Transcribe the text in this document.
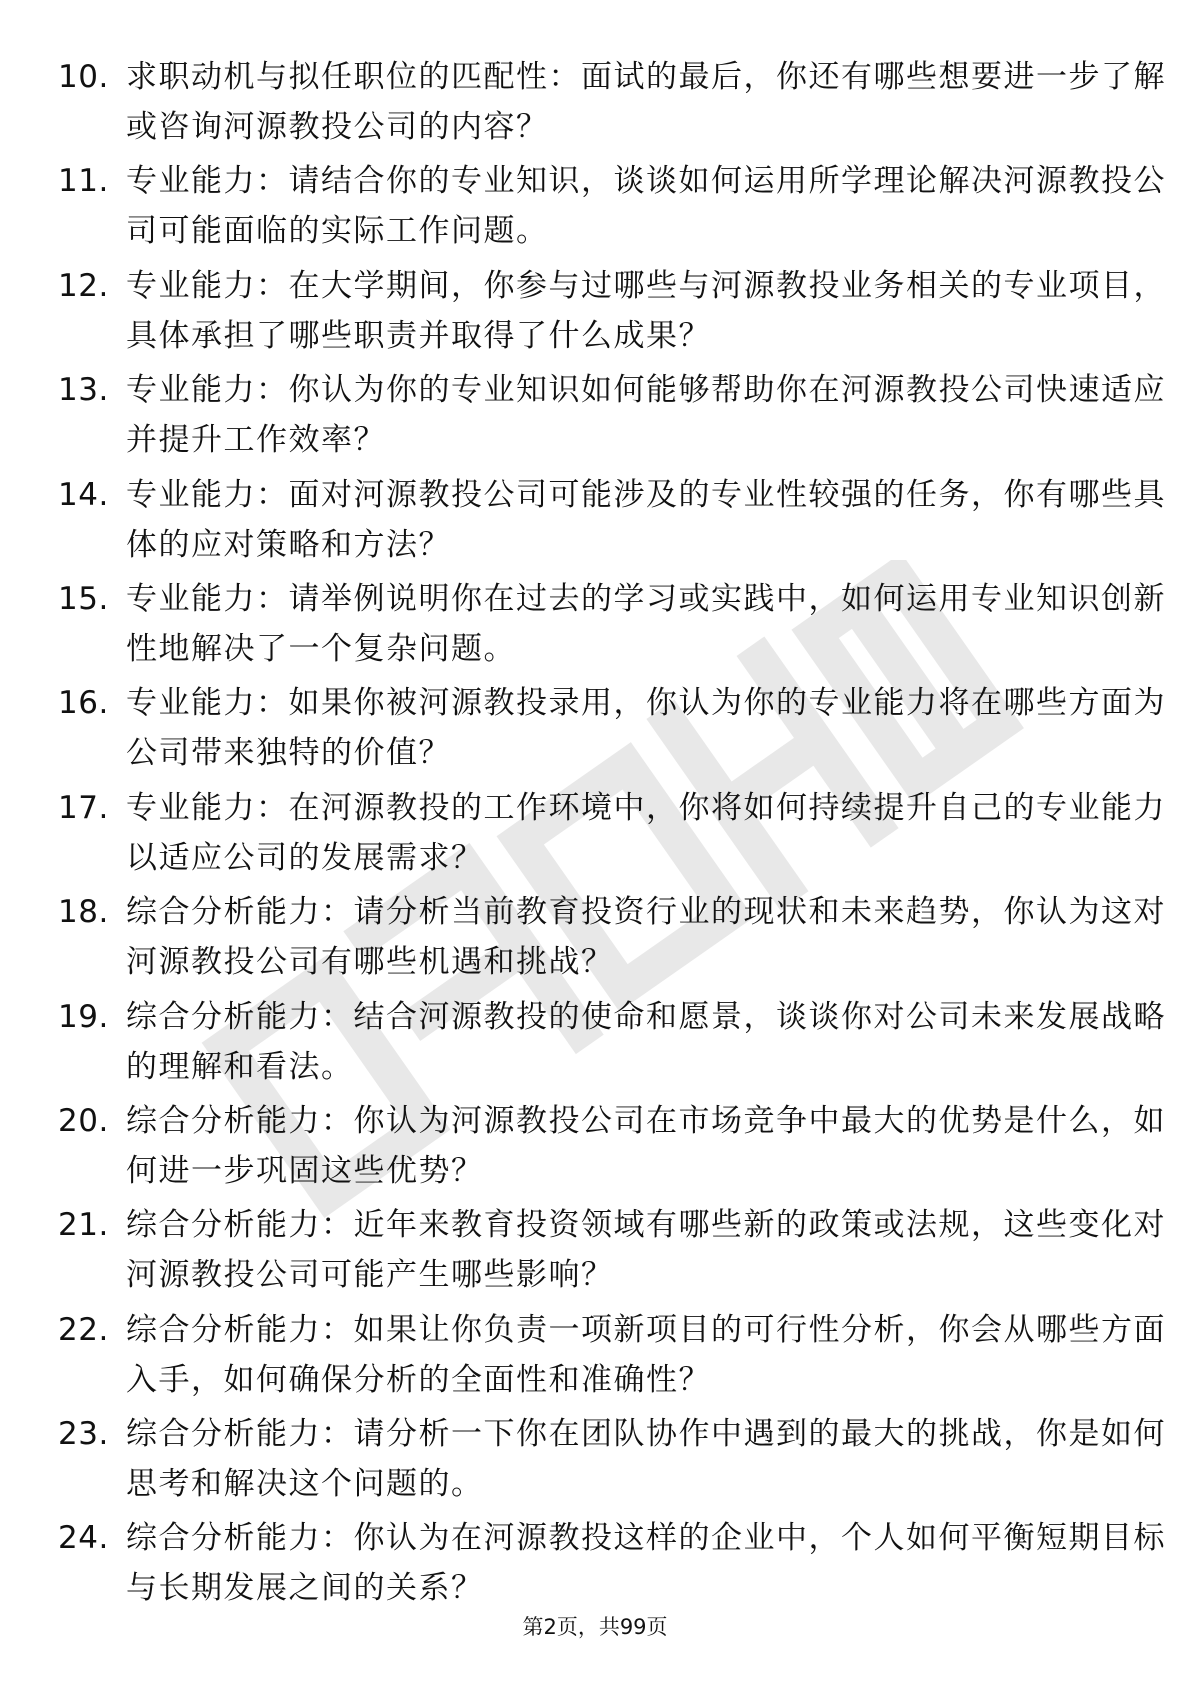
10. 求职动机与拟任职位的匹配性：面试的最后，你还有哪些想要进一步了解或咨询河源教投公司的内容？
11. 专业能力：请结合你的专业知识，谈谈如何运用所学理论解决河源教投公司可能面临的实际工作问题。
12. 专业能力：在大学期间，你参与过哪些与河源教投业务相关的专业项目，具体承担了哪些职责并取得了什么成果？
13. 专业能力：你认为你的专业知识如何能够帮助你在河源教投公司快速适应并提升工作效率？
14. 专业能力：面对河源教投公司可能涉及的专业性较强的任务，你有哪些具体的应对策略和方法？
15. 专业能力：请举例说明你在过去的学习或实践中，如何运用专业知识创新性地解决了一个复杂问题。
16. 专业能力：如果你被河源教投录用，你认为你的专业能力将在哪些方面为公司带来独特的价值？
17. 专业能力：在河源教投的工作环境中，你将如何持续提升自己的专业能力以适应公司的发展需求？
18. 综合分析能力：请分析当前教育投资行业的现状和未来趋势，你认为这对河源教投公司有哪些机遇和挑战？
19. 综合分析能力：结合河源教投的使命和愿景，谈谈你对公司未来发展战略的理解和看法。
20. 综合分析能力：你认为河源教投公司在市场竞争中最大的优势是什么，如何进一步巩固这些优势？
21. 综合分析能力：近年来教育投资领域有哪些新的政策或法规，这些变化对河源教投公司可能产生哪些影响？
22. 综合分析能力：如果让你负责一项新项目的可行性分析，你会从哪些方面入手，如何确保分析的全面性和准确性？
23. 综合分析能力：请分析一下你在团队协作中遇到的最大的挑战，你是如何思考和解决这个问题的。
24. 综合分析能力：你认为在河源教投这样的企业中，个人如何平衡短期目标与长期发展之间的关系？
第2页，共99页
